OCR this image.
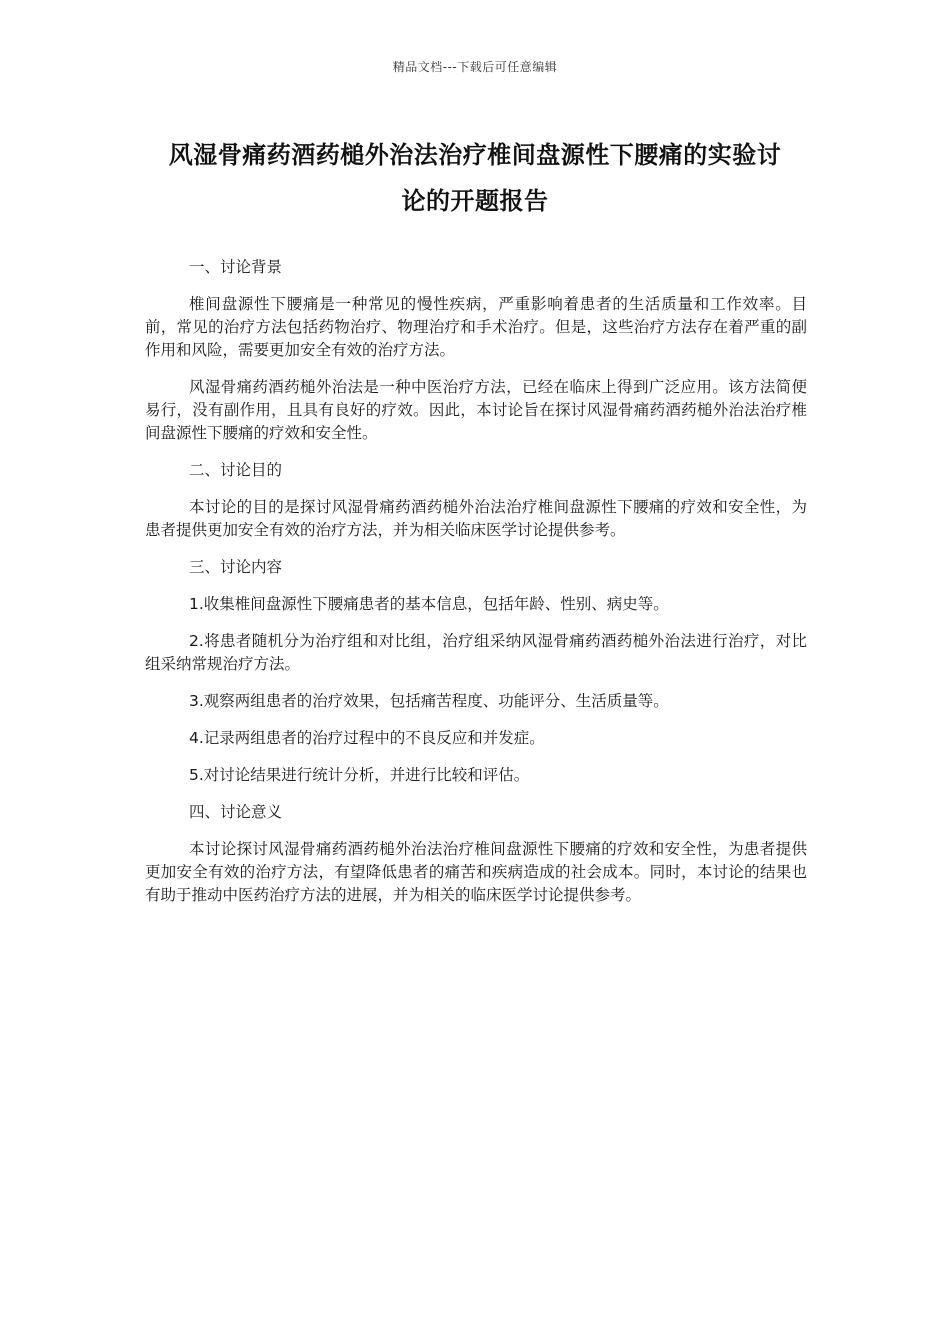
精品文档---下载后可任意编辑
风湿骨痛药酒药槌外治法治疗椎间盘源性下腰痛的实验讨
论的开题报告
一、讨论背景

椎间盘源性下腰痛是一种常见的慢性疾病，严重影响着患者的生活质量和工作效率。目前，常见的治疗方法包括药物治疗、物理治疗和手术治疗。但是，这些治疗方法存在着严重的副作用和风险，需要更加安全有效的治疗方法。

风湿骨痛药酒药槌外治法是一种中医治疗方法，已经在临床上得到广泛应用。该方法简便易行，没有副作用，且具有良好的疗效。因此，本讨论旨在探讨风湿骨痛药酒药槌外治法治疗椎间盘源性下腰痛的疗效和安全性。

二、讨论目的

本讨论的目的是探讨风湿骨痛药酒药槌外治法治疗椎间盘源性下腰痛的疗效和安全性，为患者提供更加安全有效的治疗方法，并为相关临床医学讨论提供参考。

三、讨论内容

1.收集椎间盘源性下腰痛患者的基本信息，包括年龄、性别、病史等。

2.将患者随机分为治疗组和对比组，治疗组采纳风湿骨痛药酒药槌外治法进行治疗，对比组采纳常规治疗方法。

3.观察两组患者的治疗效果，包括痛苦程度、功能评分、生活质量等。

4.记录两组患者的治疗过程中的不良反应和并发症。

5.对讨论结果进行统计分析，并进行比较和评估。

四、讨论意义

本讨论探讨风湿骨痛药酒药槌外治法治疗椎间盘源性下腰痛的疗效和安全性，为患者提供更加安全有效的治疗方法，有望降低患者的痛苦和疾病造成的社会成本。同时，本讨论的结果也有助于推动中医药治疗方法的进展，并为相关的临床医学讨论提供参考。
